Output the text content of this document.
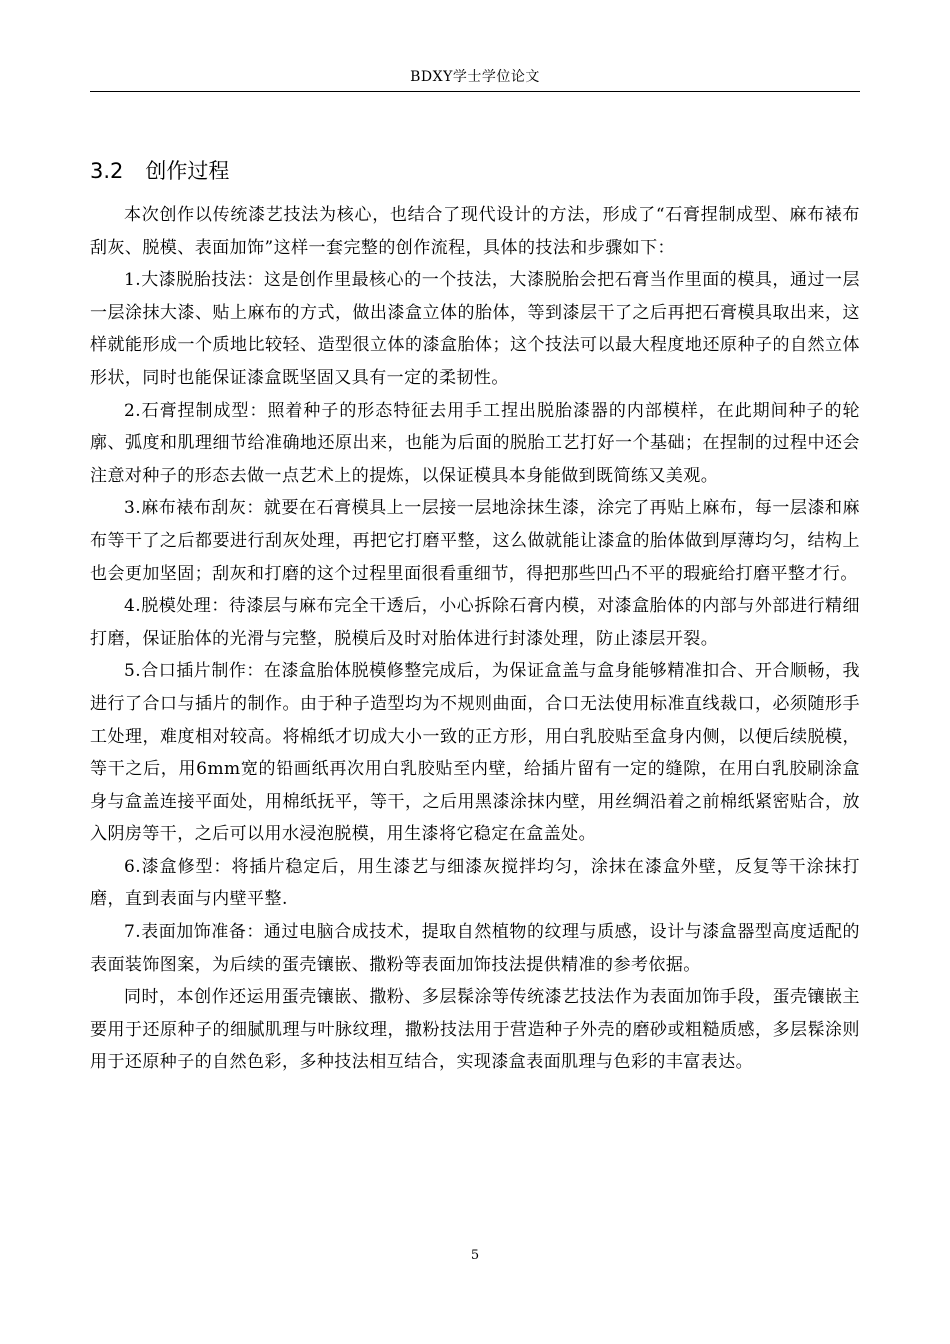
BDXY学士学位论文
3.2 创作过程

本次创作以传统漆艺技法为核心，也结合了现代设计的方法，形成了“石膏捏制成型、麻布裱布刮灰、脱模、表面加饰”这样一套完整的创作流程，具体的技法和步骤如下：

1.大漆脱胎技法：这是创作里最核心的一个技法，大漆脱胎会把石膏当作里面的模具，通过一层一层涂抹大漆、贴上麻布的方式，做出漆盒立体的胎体，等到漆层干了之后再把石膏模具取出来，这样就能形成一个质地比较轻、造型很立体的漆盒胎体；这个技法可以最大程度地还原种子的自然立体形状，同时也能保证漆盒既坚固又具有一定的柔韧性。

2.石膏捏制成型：照着种子的形态特征去用手工捏出脱胎漆器的内部模样，在此期间种子的轮廓、弧度和肌理细节给准确地还原出来，也能为后面的脱胎工艺打好一个基础；在捏制的过程中还会注意对种子的形态去做一点艺术上的提炼，以保证模具本身能做到既简练又美观。

3.麻布裱布刮灰：就要在石膏模具上一层接一层地涂抹生漆，涂完了再贴上麻布，每一层漆和麻布等干了之后都要进行刮灰处理，再把它打磨平整，这么做就能让漆盒的胎体做到厚薄均匀，结构上也会更加坚固；刮灰和打磨的这个过程里面很看重细节，得把那些凹凸不平的瑕疵给打磨平整才行。

4.脱模处理：待漆层与麻布完全干透后，小心拆除石膏内模，对漆盒胎体的内部与外部进行精细打磨，保证胎体的光滑与完整，脱模后及时对胎体进行封漆处理，防止漆层开裂。

5.合口插片制作：在漆盒胎体脱模修整完成后，为保证盒盖与盒身能够精准扣合、开合顺畅，我进行了合口与插片的制作。由于种子造型均为不规则曲面，合口无法使用标准直线裁口，必须随形手工处理，难度相对较高。将棉纸才切成大小一致的正方形，用白乳胶贴至盒身内侧，以便后续脱模，等干之后，用6mm宽的铅画纸再次用白乳胶贴至内壁，给插片留有一定的缝隙，在用白乳胶刷涂盒身与盒盖连接平面处，用棉纸抚平，等干，之后用黑漆涂抹内壁，用丝绸沿着之前棉纸紧密贴合，放入阴房等干，之后可以用水浸泡脱模，用生漆将它稳定在盒盖处。

6.漆盒修型：将插片稳定后，用生漆艺与细漆灰搅拌均匀，涂抹在漆盒外壁，反复等干涂抹打磨，直到表面与内壁平整.

7.表面加饰准备：通过电脑合成技术，提取自然植物的纹理与质感，设计与漆盒器型高度适配的表面装饰图案，为后续的蛋壳镶嵌、撒粉等表面加饰技法提供精准的参考依据。

同时，本创作还运用蛋壳镶嵌、撒粉、多层髹涂等传统漆艺技法作为表面加饰手段，蛋壳镶嵌主要用于还原种子的细腻肌理与叶脉纹理，撒粉技法用于营造种子外壳的磨砂或粗糙质感，多层髹涂则用于还原种子的自然色彩，多种技法相互结合，实现漆盒表面肌理与色彩的丰富表达。

5
